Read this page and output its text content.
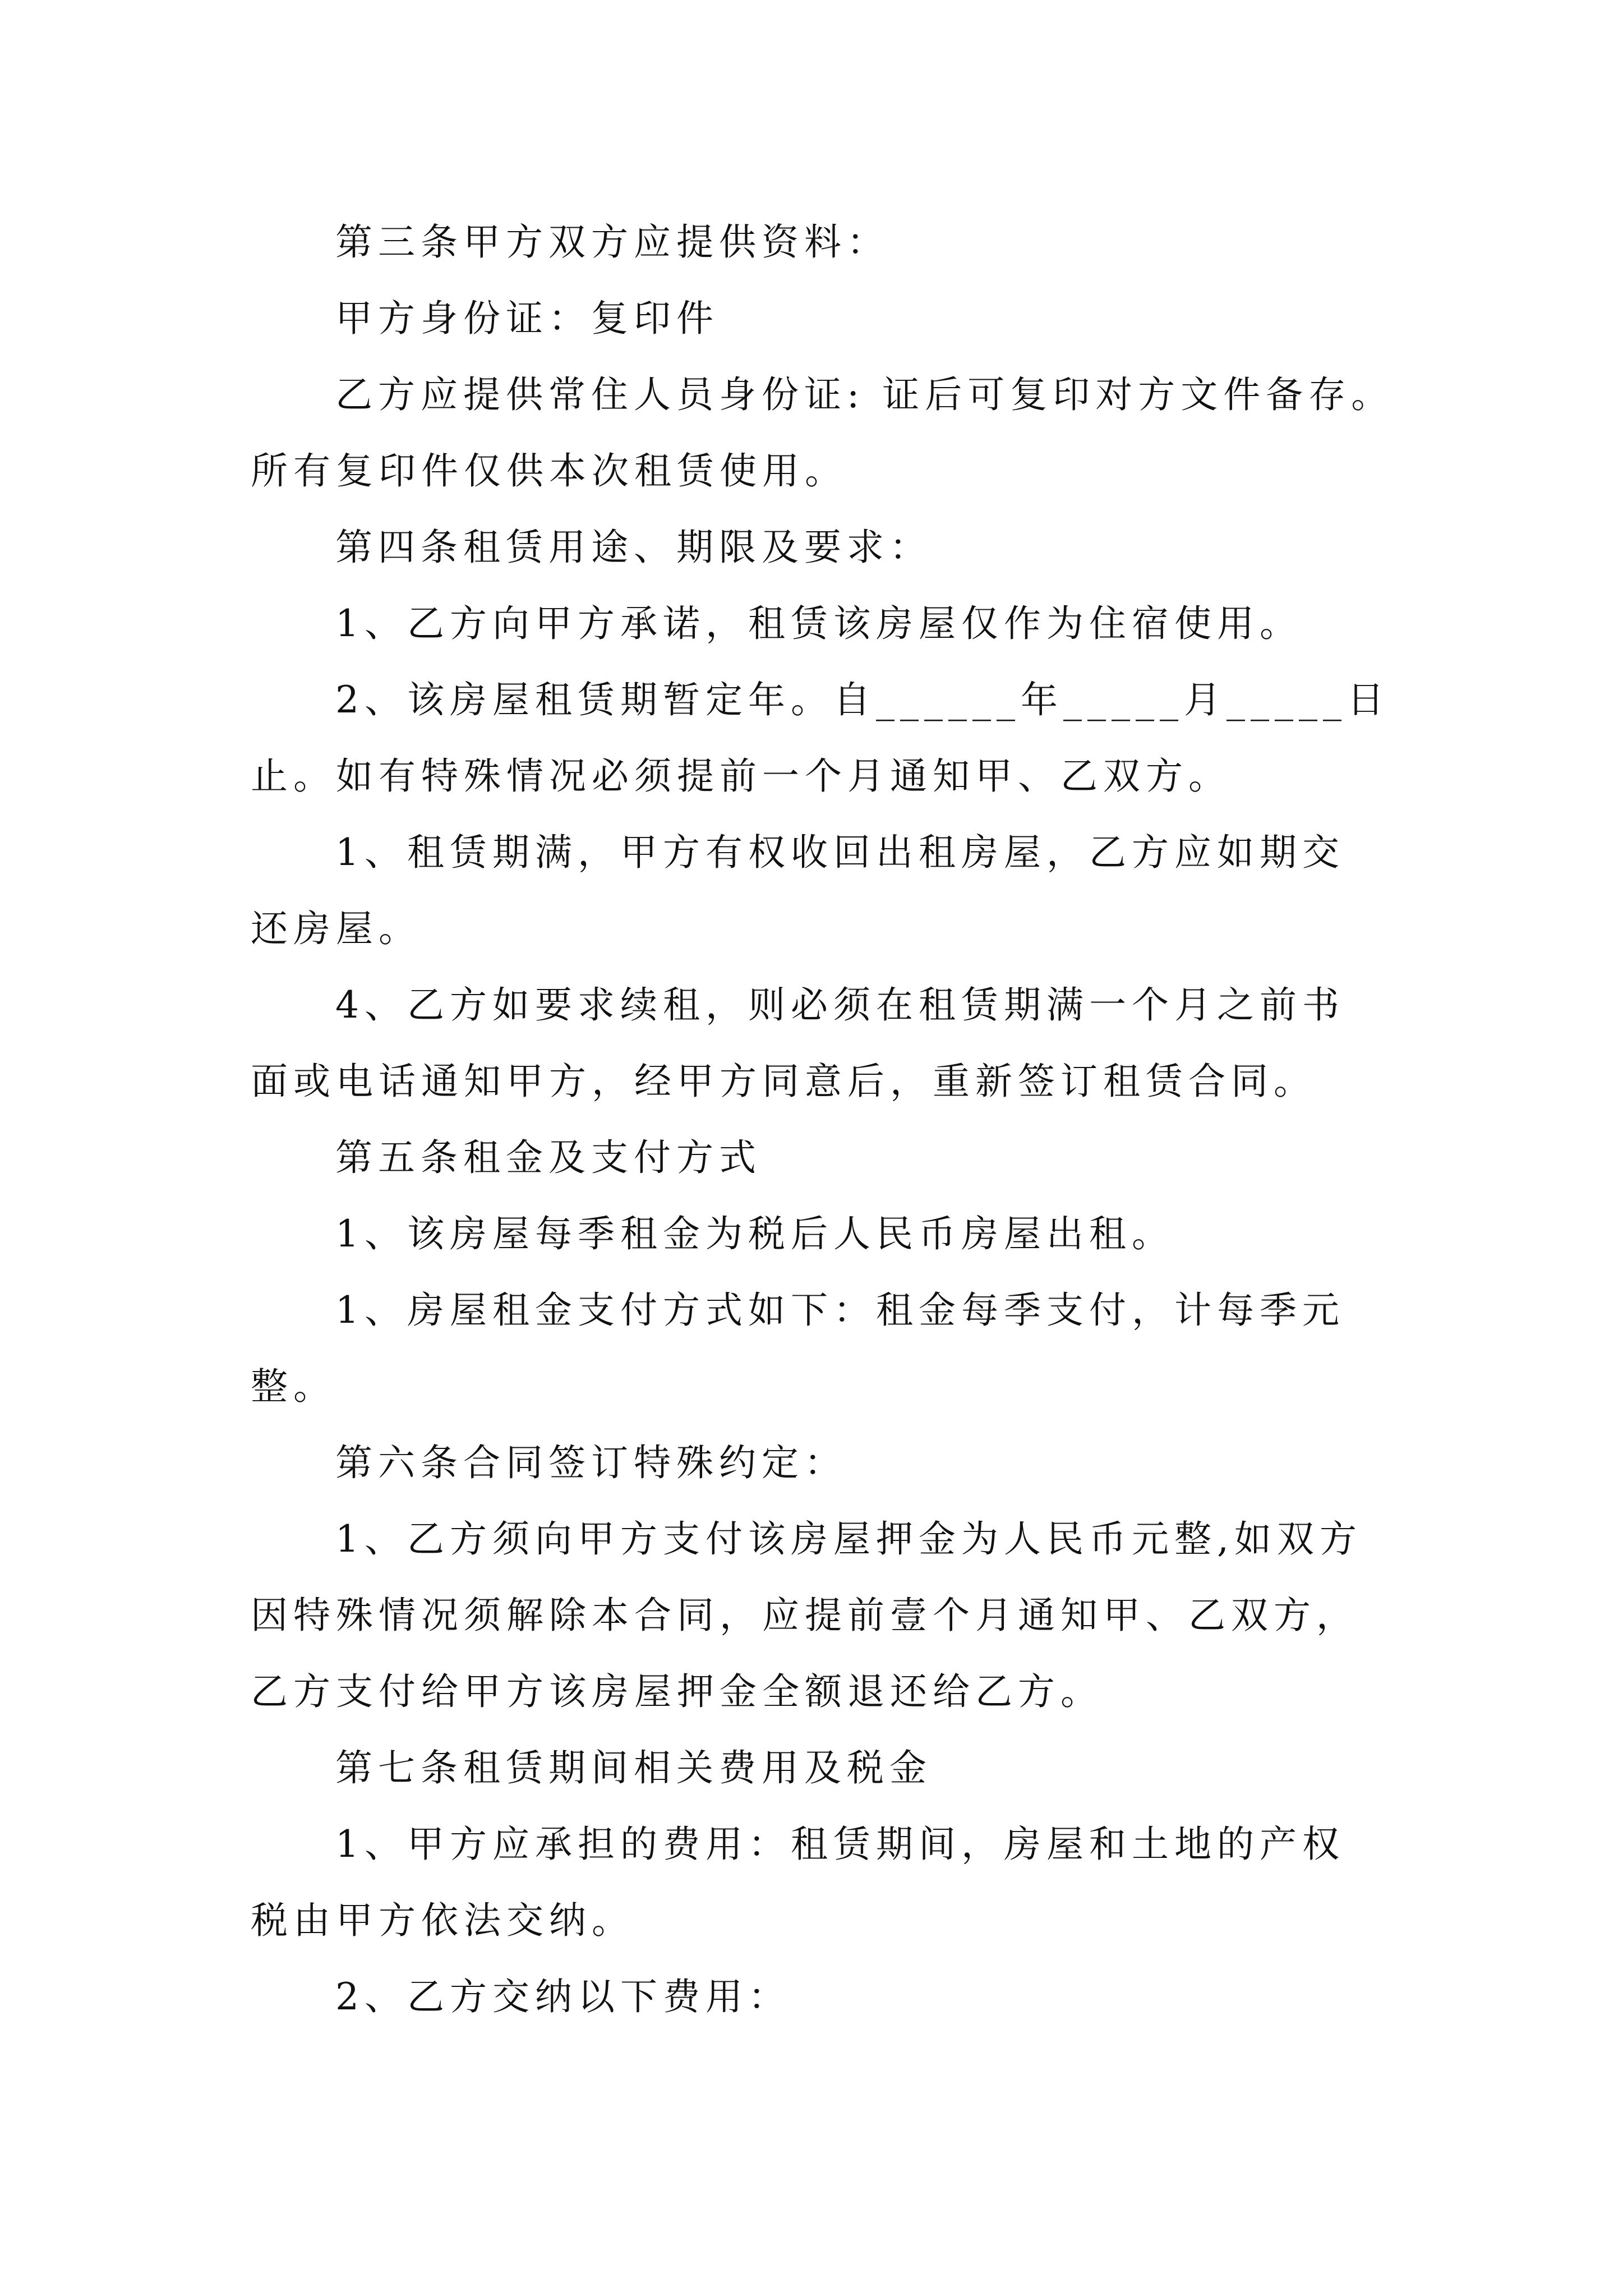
第三条甲方双方应提供资料：
甲方身份证：复印件
乙方应提供常住人员身份证: 证后可复印对方文件备存。
所有复印件仅供本次租赁使用。
第四条租赁用途、期限及要求：
1、乙方向甲方承诺，租赁该房屋仅作为住宿使用。
2、该房屋租赁期暂定年。自______年_____月_____日
止。如有特殊情况必须提前一个月通知甲、乙双方。
1、租赁期满，甲方有权收回出租房屋，乙方应如期交
还房屋。
4、乙方如要求续租，则必须在租赁期满一个月之前书
面或电话通知甲方，经甲方同意后，重新签订租赁合同。
第五条租金及支付方式
1、该房屋每季租金为税后人民币房屋出租。
1、房屋租金支付方式如下：租金每季支付，计每季元
整。
第六条合同签订特殊约定：
1、乙方须向甲方支付该房屋押金为人民币元整,如双方
因特殊情况须解除本合同，应提前壹个月通知甲、乙双方，
乙方支付给甲方该房屋押金全额退还给乙方。
第七条租赁期间相关费用及税金
1、甲方应承担的费用：租赁期间，房屋和土地的产权
税由甲方依法交纳。
2、乙方交纳以下费用：
